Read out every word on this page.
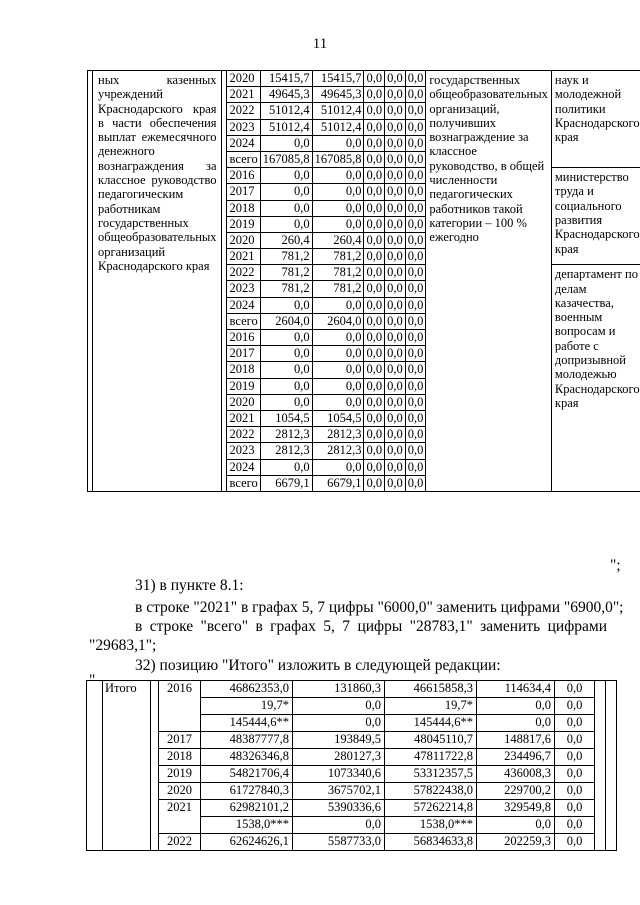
11
	ных казенных учреждений Краснодарского края в части обеспечения выплат ежемесячного денежного вознаграждения за классное руководство педагогическим работникам государственных общеобразовательных организаций Краснодарского края		2020	15415,7	15415,7	0,0	0,0	0,0	государственных общеобразовательных организаций, получивших вознаграждение за классное руководство, в общей численности педагогических работников такой категории – 100 % ежегодно	наук и молодежной политики Краснодарского края
			2021	49645,3	49645,3	0,0	0,0	0,0		
			2022	51012,4	51012,4	0,0	0,0	0,0		
			2023	51012,4	51012,4	0,0	0,0	0,0		
			2024	0,0	0,0	0,0	0,0	0,0		
			всего	167085,8	167085,8	0,0	0,0	0,0		
			2016	0,0	0,0	0,0	0,0	0,0		министерство труда и социального развития Краснодарского края
			2017	0,0	0,0	0,0	0,0	0,0		
			2018	0,0	0,0	0,0	0,0	0,0		
			2019	0,0	0,0	0,0	0,0	0,0		
			2020	260,4	260,4	0,0	0,0	0,0		
			2021	781,2	781,2	0,0	0,0	0,0		
			2022	781,2	781,2	0,0	0,0	0,0		департамент по делам казачества, военным вопросам и работе с допризывной молодежью Краснодарского края
			2023	781,2	781,2	0,0	0,0	0,0		
			2024	0,0	0,0	0,0	0,0	0,0		
			всего	2604,0	2604,0	0,0	0,0	0,0		
			2016	0,0	0,0	0,0	0,0	0,0		
			2017	0,0	0,0	0,0	0,0	0,0		
			2018	0,0	0,0	0,0	0,0	0,0		
			2019	0,0	0,0	0,0	0,0	0,0		
			2020	0,0	0,0	0,0	0,0	0,0		
			2021	1054,5	1054,5	0,0	0,0	0,0		
			2022	2812,3	2812,3	0,0	0,0	0,0		
			2023	2812,3	2812,3	0,0	0,0	0,0		
			2024	0,0	0,0	0,0	0,0	0,0		
			всего	6679,1	6679,1	0,0	0,0	0,0		
";
31) в пункте 8.1:
в строке "2021" в графах 5, 7 цифры "6000,0" заменить цифрами "6900,0";
в строке "всего" в графах 5, 7 цифры "28783,1" заменить цифрами
"29683,1";
32) позицию "Итого" изложить в следующей редакции:
"
	Итого		2016	46862353,0	131860,3	46615858,3	114634,4	0,0		
				19,7*	0,0	19,7*	0,0	0,0		
				145444,6**	0,0	145444,6**	0,0	0,0		
			2017	48387777,8	193849,5	48045110,7	148817,6	0,0		
			2018	48326346,8	280127,3	47811722,8	234496,7	0,0		
			2019	54821706,4	1073340,6	53312357,5	436008,3	0,0		
			2020	61727840,3	3675702,1	57822438,0	229700,2	0,0		
			2021	62982101,2	5390336,6	57262214,8	329549,8	0,0		
				1538,0***	0,0	1538,0***	0,0	0,0		
			2022	62624626,1	5587733,0	56834633,8	202259,3	0,0		
